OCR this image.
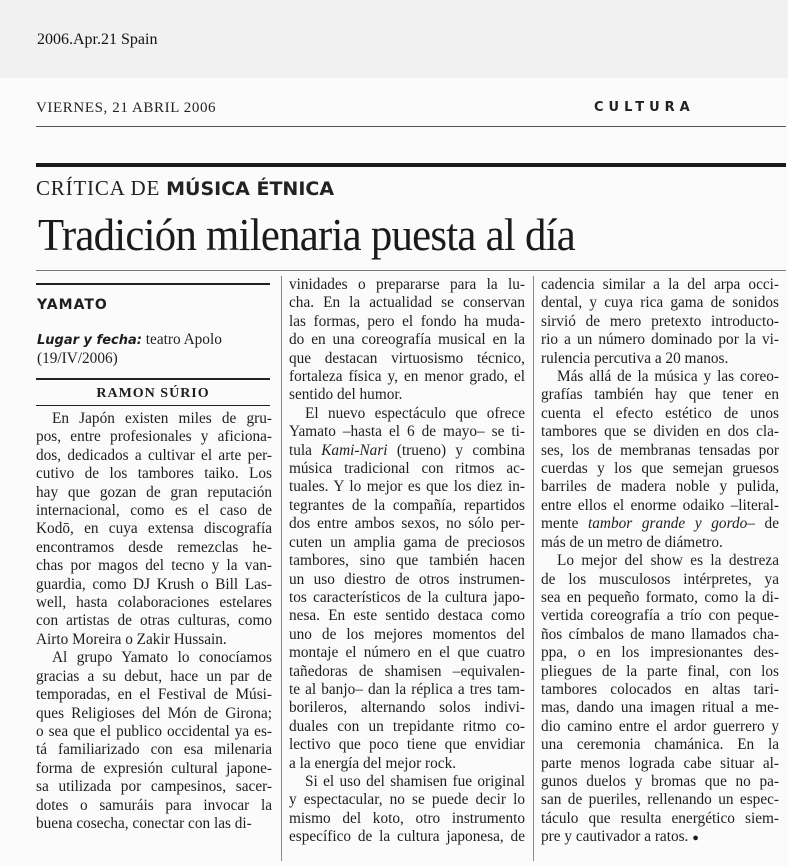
2006.Apr.21 Spain
VIERNES, 21 ABRIL 2006	CULTURA
CRÍTICA DE MÚSICA ÉTNICA
Tradición milenaria puesta al día
YAMATO
Lugar y fecha: teatro Apolo
(19/IV/2006)
RAMON SÚRIO
En Japón existen miles de gru-
pos, entre profesionales y aficiona-
dos, dedicados a cultivar el arte per-
cutivo de los tambores taiko. Los
hay que gozan de gran reputación
internacional, como es el caso de
Kodō, en cuya extensa discografía
encontramos desde remezclas he-
chas por magos del tecno y la van-
guardia, como DJ Krush o Bill Las-
well, hasta colaboraciones estelares
con artistas de otras culturas, como
Airto Moreira o Zakir Hussain.
Al grupo Yamato lo conocíamos
gracias a su debut, hace un par de
temporadas, en el Festival de Músi-
ques Religioses del Món de Girona;
o sea que el publico occidental ya es-
tá familiarizado con esa milenaria
forma de expresión cultural japone-
sa utilizada por campesinos, sacer-
dotes o samuráis para invocar la
buena cosecha, conectar con las di-
vinidades o prepararse para la lu-
cha. En la actualidad se conservan
las formas, pero el fondo ha muda-
do en una coreografía musical en la
que destacan virtuosismo técnico,
fortaleza física y, en menor grado, el
sentido del humor.
El nuevo espectáculo que ofrece
Yamato –hasta el 6 de mayo– se ti-
tula Kami-Nari (trueno) y combina
música tradicional con ritmos ac-
tuales. Y lo mejor es que los diez in-
tegrantes de la compañía, repartidos
dos entre ambos sexos, no sólo per-
cuten un amplia gama de preciosos
tambores, sino que también hacen
un uso diestro de otros instrumen-
tos característicos de la cultura japo-
nesa. En este sentido destaca como
uno de los mejores momentos del
montaje el número en el que cuatro
tañedoras de shamisen –equivalen-
te al banjo– dan la réplica a tres tam-
borileros, alternando solos indivi-
duales con un trepidante ritmo co-
lectivo que poco tiene que envidiar
a la energía del mejor rock.
Si el uso del shamisen fue original
y espectacular, no se puede decir lo
mismo del koto, otro instrumento
específico de la cultura japonesa, de
cadencia similar a la del arpa occi-
dental, y cuya rica gama de sonidos
sirvió de mero pretexto introducto-
rio a un número dominado por la vi-
rulencia percutiva a 20 manos.
Más allá de la música y las coreo-
grafías también hay que tener en
cuenta el efecto estético de unos
tambores que se dividen en dos cla-
ses, los de membranas tensadas por
cuerdas y los que semejan gruesos
barriles de madera noble y pulida,
entre ellos el enorme odaiko –literal-
mente tambor grande y gordo– de
más de un metro de diámetro.
Lo mejor del show es la destreza
de los musculosos intérpretes, ya
sea en pequeño formato, como la di-
vertida coreografía a trío con peque-
ños címbalos de mano llamados cha-
ppa, o en los impresionantes des-
pliegues de la parte final, con los
tambores colocados en altas tari-
mas, dando una imagen ritual a me-
dio camino entre el ardor guerrero y
una ceremonia chamánica. En la
parte menos lograda cabe situar al-
gunos duelos y bromas que no pa-
san de pueriles, rellenando un espec-
táculo que resulta energético siem-
pre y cautivador a ratos. ●
